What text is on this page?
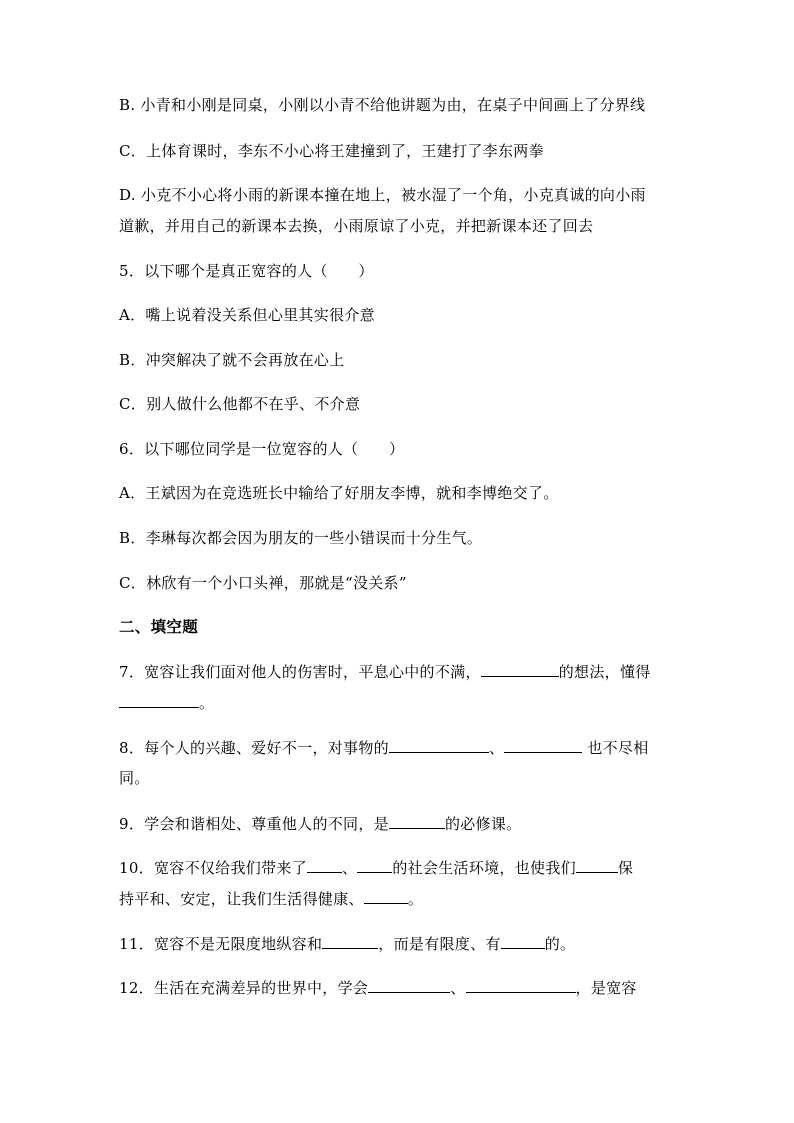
B. 小青和小刚是同桌，小刚以小青不给他讲题为由，在桌子中间画上了分界线
C．上体育课时，李东不小心将王建撞到了，王建打了李东两拳
D. 小克不小心将小雨的新课本撞在地上，被水湿了一个角，小克真诚的向小雨
道歉，并用自己的新课本去换，小雨原谅了小克，并把新课本还了回去
5．以下哪个是真正宽容的人（　　）
A．嘴上说着没关系但心里其实很介意
B．冲突解决了就不会再放在心上
C．别人做什么他都不在乎、不介意
6．以下哪位同学是一位宽容的人（　　）
A．王斌因为在竞选班长中输给了好朋友李博，就和李博绝交了。
B．李琳每次都会因为朋友的一些小错误而十分生气。
C．林欣有一个小口头禅，那就是“没关系”
二、填空题
7．宽容让我们面对他人的伤害时，平息心中的不满，	的想法，懂得
。
8．每个人的兴趣、爱好不一，对事物的	、	也不尽相
同。
9．学会和谐相处、尊重他人的不同，是	的必修课。
10．宽容不仅给我们带来了 、 的社会生活环境，也使我们	保
持平和、安定，让我们生活得健康、	。
11．宽容不是无限度地纵容和	，而是有限度、有	的。
12．生活在充满差异的世界中，学会	、	，是宽容
